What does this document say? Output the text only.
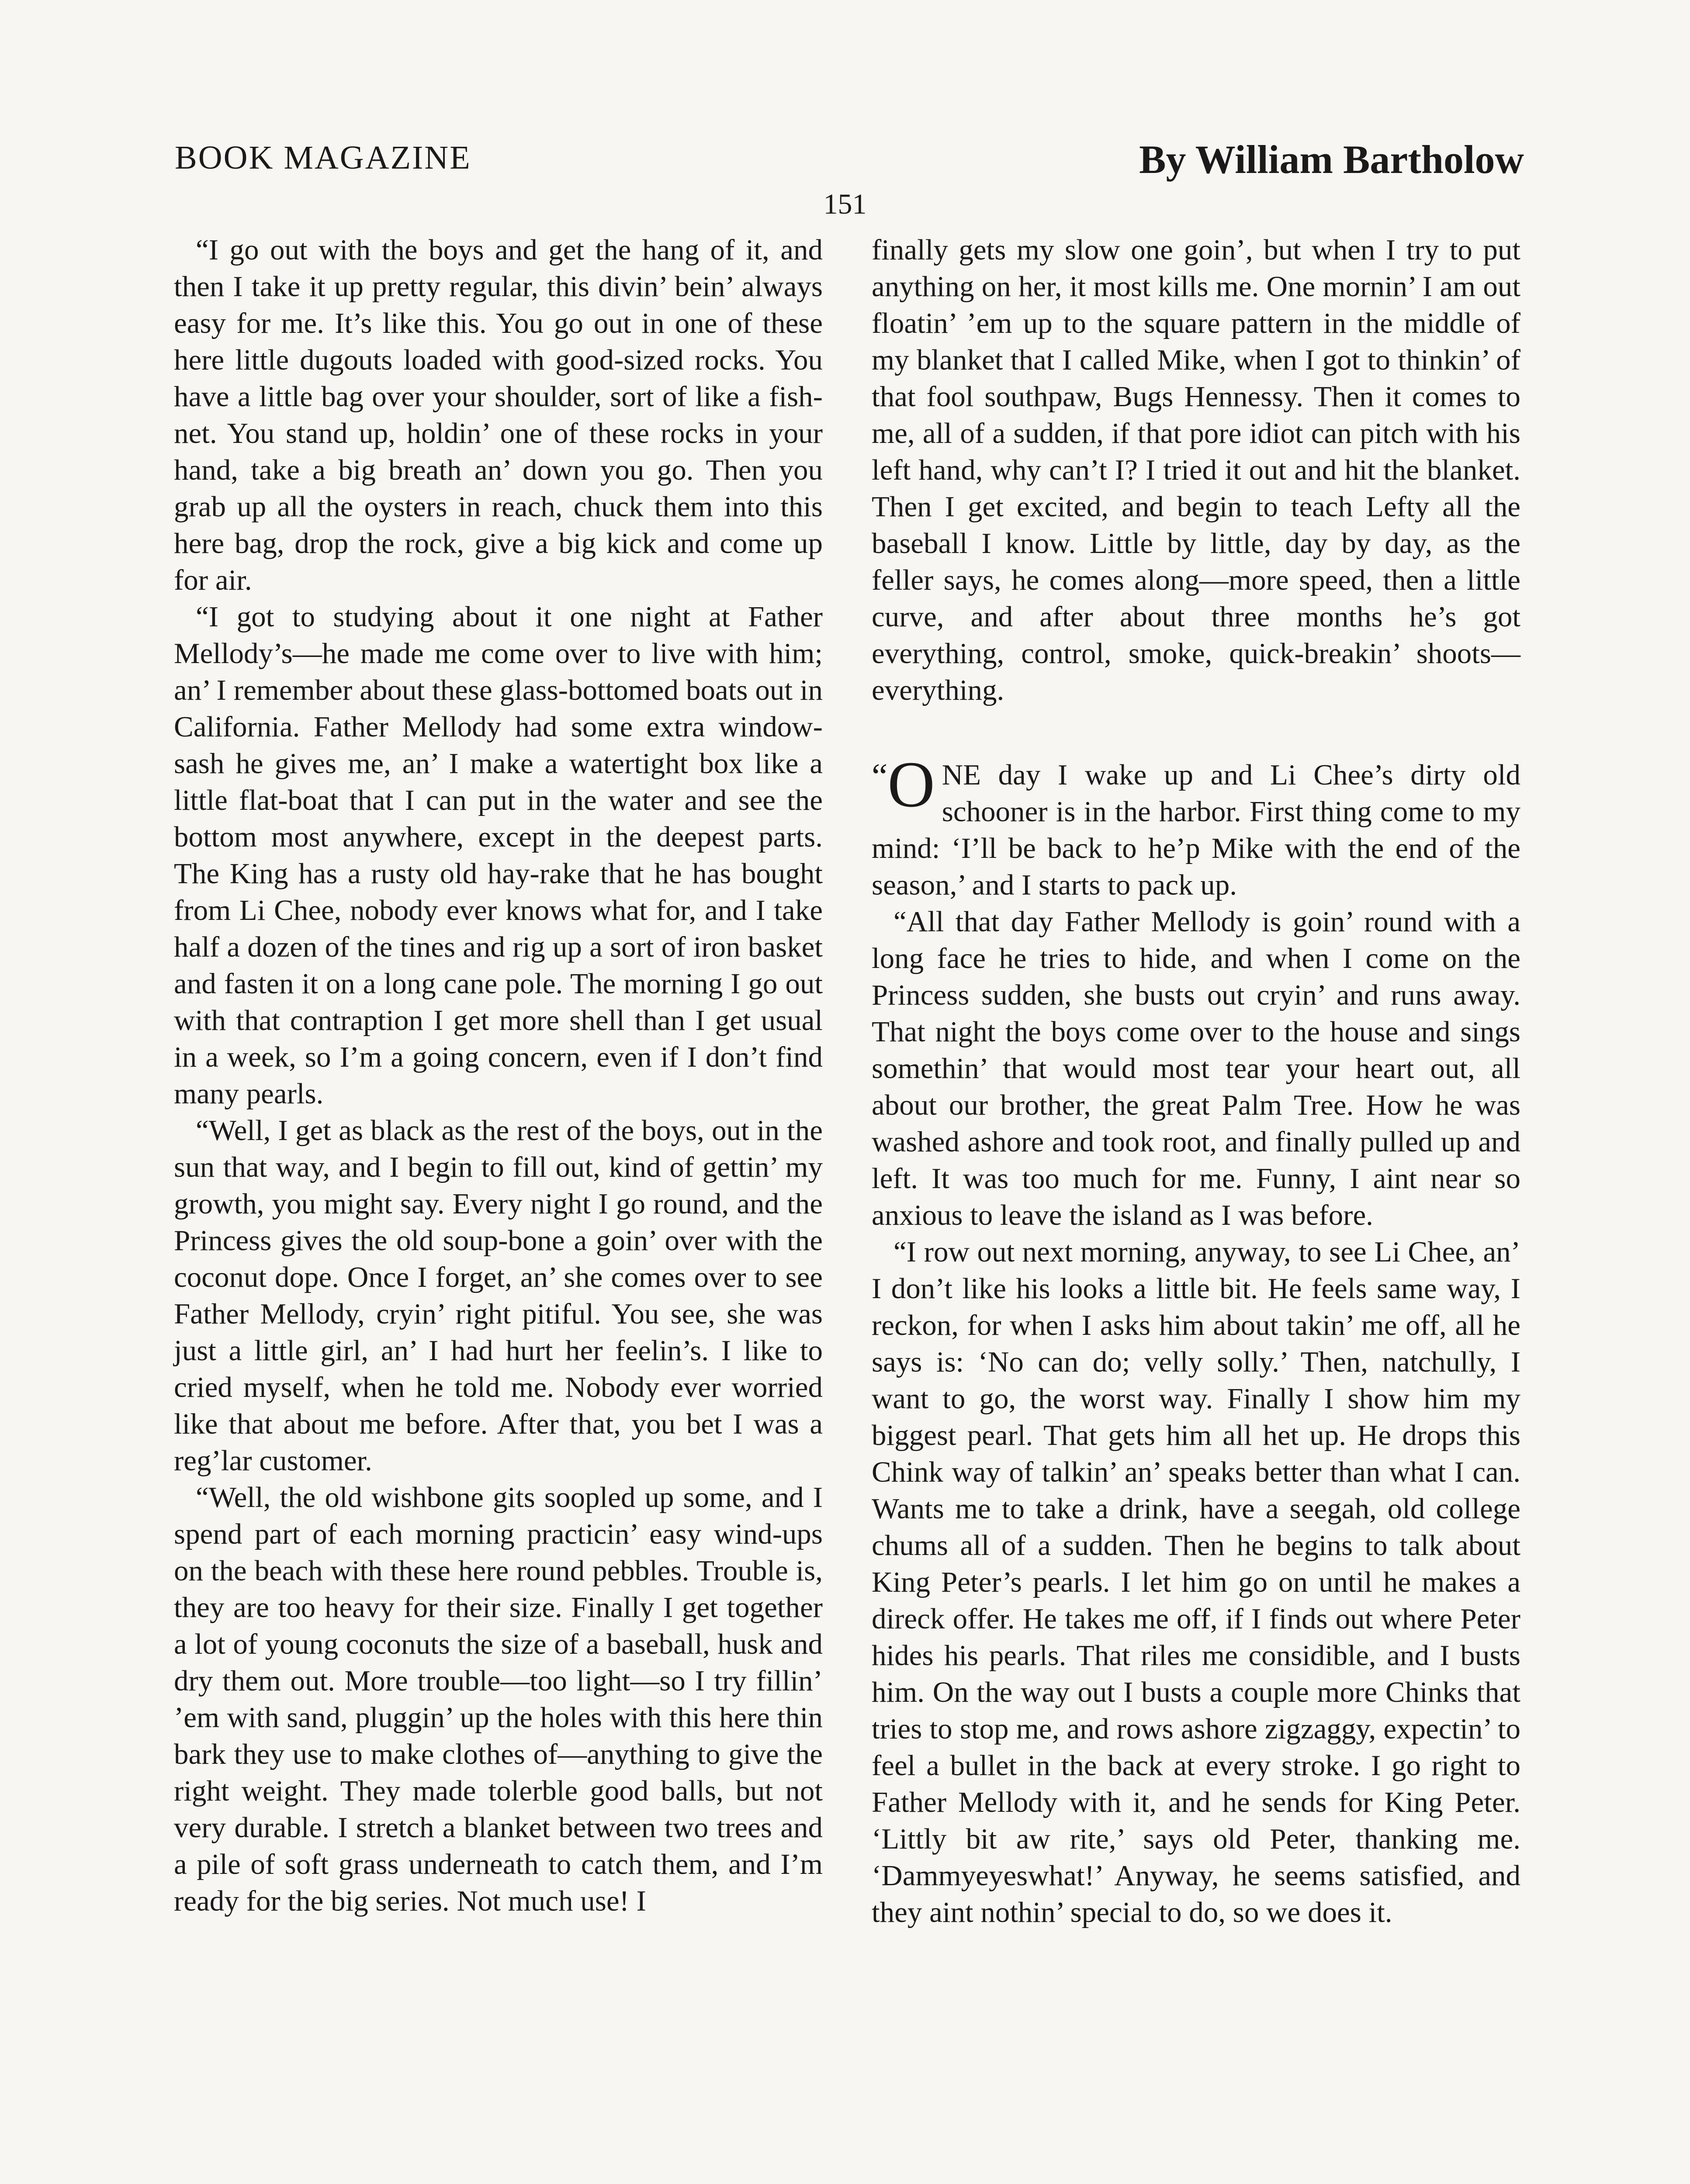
BOOK MAGAZINE	By William Bartholow
151

“I go out with the boys and get the hang of it, and then I take it up pretty regular, this divin’ bein’ always easy for me. It’s like this. You go out in one of these here little dugouts loaded with good-sized rocks. You have a little bag over your shoulder, sort of like a fish-net. You stand up, holdin’ one of these rocks in your hand, take a big breath an’ down you go. Then you grab up all the oysters in reach, chuck them into this here bag, drop the rock, give a big kick and come up for air.

“I got to studying about it one night at Father Mellody’s—he made me come over to live with him; an’ I remember about these glass-bottomed boats out in California. Father Mellody had some extra window-sash he gives me, an’ I make a watertight box like a little flat-boat that I can put in the water and see the bottom most anywhere, except in the deepest parts. The King has a rusty old hay-rake that he has bought from Li Chee, nobody ever knows what for, and I take half a dozen of the tines and rig up a sort of iron basket and fasten it on a long cane pole. The morning I go out with that contraption I get more shell than I get usual in a week, so I’m a going concern, even if I don’t find many pearls.

“Well, I get as black as the rest of the boys, out in the sun that way, and I begin to fill out, kind of gettin’ my growth, you might say. Every night I go round, and the Princess gives the old soup-bone a goin’ over with the coconut dope. Once I forget, an’ she comes over to see Father Mellody, cryin’ right pitiful. You see, she was just a little girl, an’ I had hurt her feelin’s. I like to cried myself, when he told me. Nobody ever worried like that about me before. After that, you bet I was a reg’lar customer.

“Well, the old wishbone gits soopled up some, and I spend part of each morning practicin’ easy wind-ups on the beach with these here round pebbles. Trouble is, they are too heavy for their size. Finally I get together a lot of young coconuts the size of a baseball, husk and dry them out. More trouble—too light—so I try fillin’ ’em with sand, pluggin’ up the holes with this here thin bark they use to make clothes of—anything to give the right weight. They made tolerble good balls, but not very durable. I stretch a blanket between two trees and a pile of soft grass underneath to catch them, and I’m ready for the big series. Not much use! I

finally gets my slow one goin’, but when I try to put anything on her, it most kills me. One mornin’ I am out floatin’ ’em up to the square pattern in the middle of my blanket that I called Mike, when I got to thinkin’ of that fool southpaw, Bugs Hennessy. Then it comes to me, all of a sudden, if that pore idiot can pitch with his left hand, why can’t I? I tried it out and hit the blanket. Then I get excited, and begin to teach Lefty all the baseball I know. Little by little, day by day, as the feller says, he comes along—more speed, then a little curve, and after about three months he’s got everything, control, smoke, quick-breakin’ shoots—everything.

“ O NE day I wake up and Li Chee’s dirty old schooner is in the harbor. First thing come to my mind: ‘I’ll be back to he’p Mike with the end of the season,’ and I starts to pack up.

“All that day Father Mellody is goin’ round with a long face he tries to hide, and when I come on the Princess sudden, she busts out cryin’ and runs away. That night the boys come over to the house and sings somethin’ that would most tear your heart out, all about our brother, the great Palm Tree. How he was washed ashore and took root, and finally pulled up and left. It was too much for me. Funny, I aint near so anxious to leave the island as I was before.

“I row out next morning, anyway, to see Li Chee, an’ I don’t like his looks a little bit. He feels same way, I reckon, for when I asks him about takin’ me off, all he says is: ‘No can do; velly solly.’ Then, natchully, I want to go, the worst way. Finally I show him my biggest pearl. That gets him all het up. He drops this Chink way of talkin’ an’ speaks better than what I can. Wants me to take a drink, have a seegah, old college chums all of a sudden. Then he begins to talk about King Peter’s pearls. I let him go on until he makes a direck offer. He takes me off, if I finds out where Peter hides his pearls. That riles me considible, and I busts him. On the way out I busts a couple more Chinks that tries to stop me, and rows ashore zigzaggy, expectin’ to feel a bullet in the back at every stroke. I go right to Father Mellody with it, and he sends for King Peter. ‘Littly bit aw rite,’ says old Peter, thanking me. ‘Dammyeyeswhat!’ Anyway, he seems satisfied, and they aint nothin’ special to do, so we does it.
